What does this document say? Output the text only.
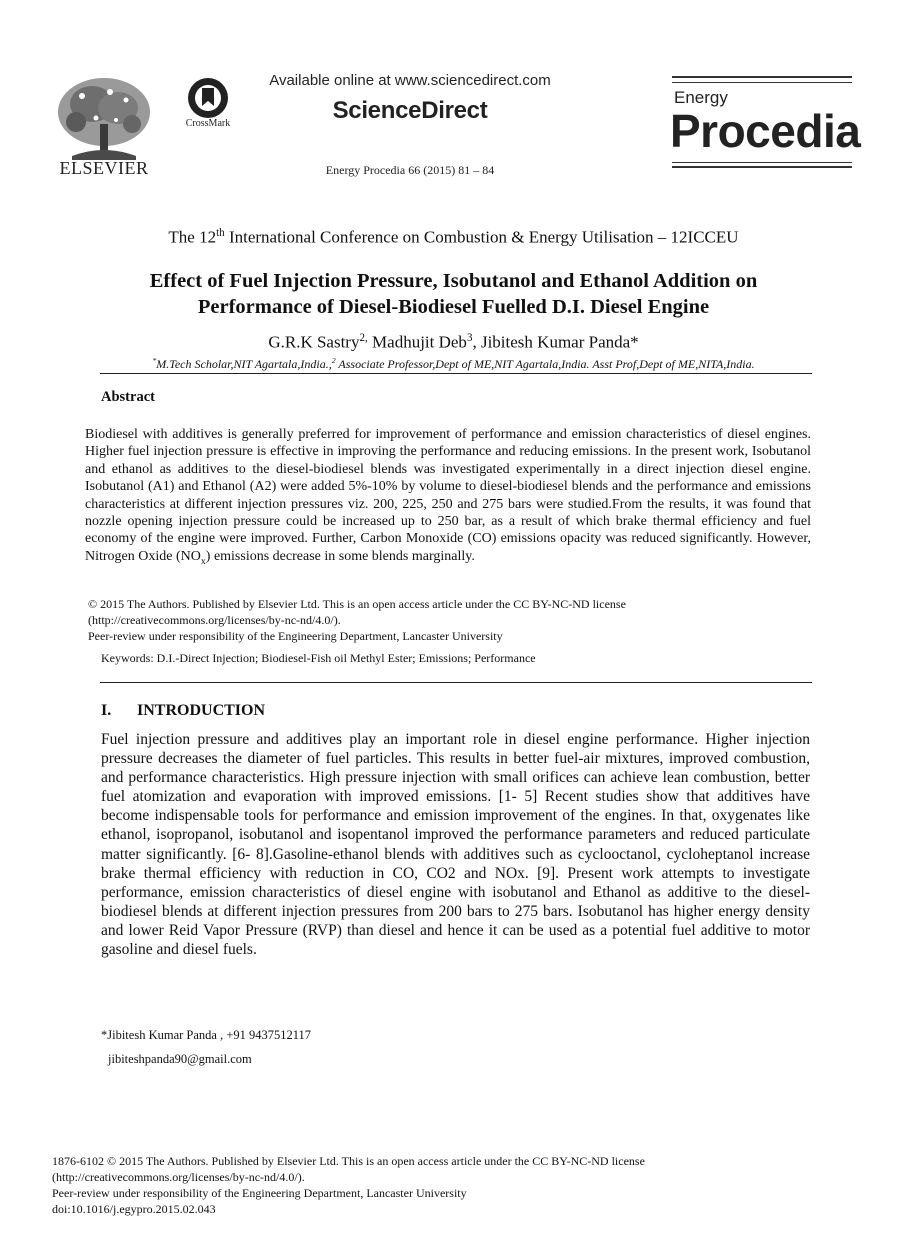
ELSEVIER
CrossMark
Available online at www.sciencedirect.com
ScienceDirect
Energy Procedia 66 (2015) 81 – 84
Energy
Procedia
The 12th International Conference on Combustion & Energy Utilisation – 12ICCEU
Effect of Fuel Injection Pressure, Isobutanol and Ethanol Addition on
Performance of Diesel-Biodiesel Fuelled D.I. Diesel Engine
G.R.K Sastry$^{2,}$ Madhujit Deb$^3$, Jibitesh Kumar Panda*
*M.Tech Scholar,NIT Agartala,India.,$^2$ Associate Professor,Dept of ME,NIT Agartala,India. Asst Prof,Dept of ME,NITA,India.
Abstract
Biodiesel with additives is generally preferred for improvement of performance and emission characteristics of diesel engines. Higher fuel injection pressure is effective in improving the performance and reducing emissions. In the present work, Isobutanol and ethanol as additives to the diesel-biodiesel blends was investigated experimentally in a direct injection diesel engine. Isobutanol (A1) and Ethanol (A2) were added 5%-10% by volume to diesel-biodiesel blends and the performance and emissions characteristics at different injection pressures viz. 200, 225, 250 and 275 bars were studied.From the results, it was found that nozzle opening injection pressure could be increased up to 250 bar, as a result of which brake thermal efficiency and fuel economy of the engine were improved. Further, Carbon Monoxide (CO) emissions opacity was reduced significantly. However, Nitrogen Oxide $(NO_x)$ emissions decrease in some blends marginally.
© 2015 The Authors. Published by Elsevier Ltd. This is an open access article under the CC BY-NC-ND license
(http://creativecommons.org/licenses/by-nc-nd/4.0/).
Peer-review under responsibility of the Engineering Department, Lancaster University
Keywords: D.I.-Direct Injection; Biodiesel-Fish oil Methyl Ester; Emissions; Performance
I. INTRODUCTION
Fuel injection pressure and additives play an important role in diesel engine performance. Higher injection pressure decreases the diameter of fuel particles. This results in better fuel-air mixtures, improved combustion, and performance characteristics. High pressure injection with small orifices can achieve lean combustion, better fuel atomization and evaporation with improved emissions. [1- 5] Recent studies show that additives have become indispensable tools for performance and emission improvement of the engines. In that, oxygenates like ethanol, isopropanol, isobutanol and isopentanol improved the performance parameters and reduced particulate matter significantly. [6- 8].Gasoline-ethanol blends with additives such as cyclooctanol, cycloheptanol increase brake thermal efficiency with reduction in CO, CO2 and NOx. [9]. Present work attempts to investigate performance, emission characteristics of diesel engine with isobutanol and Ethanol as additive to the diesel-biodiesel blends at different injection pressures from 200 bars to 275 bars. Isobutanol has higher energy density and lower Reid Vapor Pressure (RVP) than diesel and hence it can be used as a potential fuel additive to motor gasoline and diesel fuels.
*Jibitesh Kumar Panda , +91 9437512117
jibiteshpanda90@gmail.com
1876-6102 © 2015 The Authors. Published by Elsevier Ltd. This is an open access article under the CC BY-NC-ND license
(http://creativecommons.org/licenses/by-nc-nd/4.0/).
Peer-review under responsibility of the Engineering Department, Lancaster University
doi:10.1016/j.egypro.2015.02.043
